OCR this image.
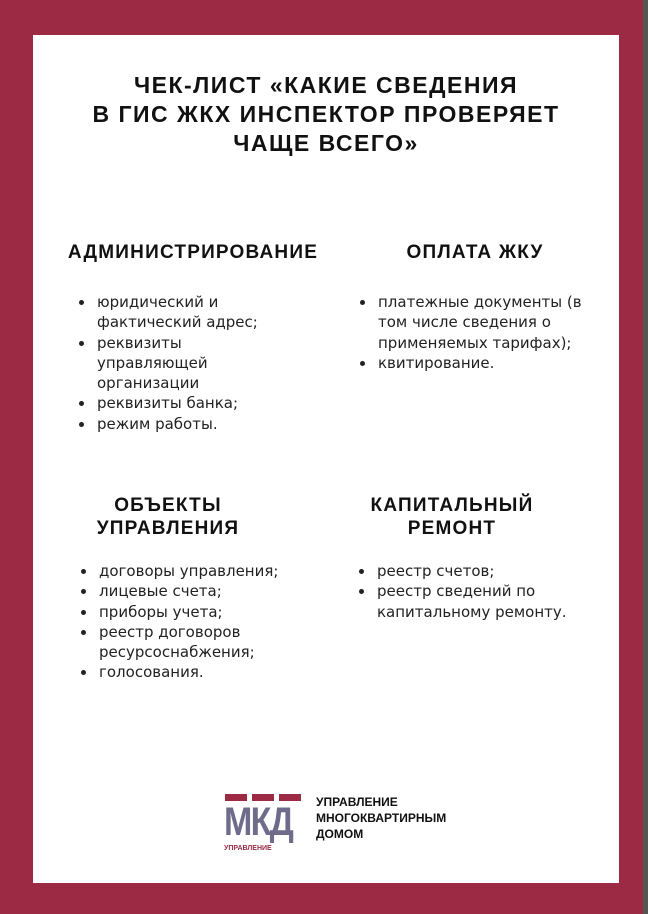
ЧЕК-ЛИСТ «КАКИЕ СВЕДЕНИЯ
В ГИС ЖКХ ИНСПЕКТОР ПРОВЕРЯЕТ
ЧАЩЕ ВСЕГО»
АДМИНИСТРИРОВАНИЕ
• юридический и фактический адрес;
• реквизиты управляющей организации
• реквизиты банка;
• режим работы.
ОПЛАТА ЖКУ
• платежные документы (в том числе сведения о применяемых тарифах);
• квитирование.
ОБЪЕКТЫ
УПРАВЛЕНИЯ
• договоры управления;
• лицевые счета;
• приборы учета;
• реестр договоров ресурсоснабжения;
• голосования.
КАПИТАЛЬНЫЙ
РЕМОНТ
• реестр счетов;
• реестр сведений по капитальному ремонту.
МКД
УПРАВЛЕНИЕ
УПРАВЛЕНИЕ
МНОГОКВАРТИРНЫМ
ДОМОМ
